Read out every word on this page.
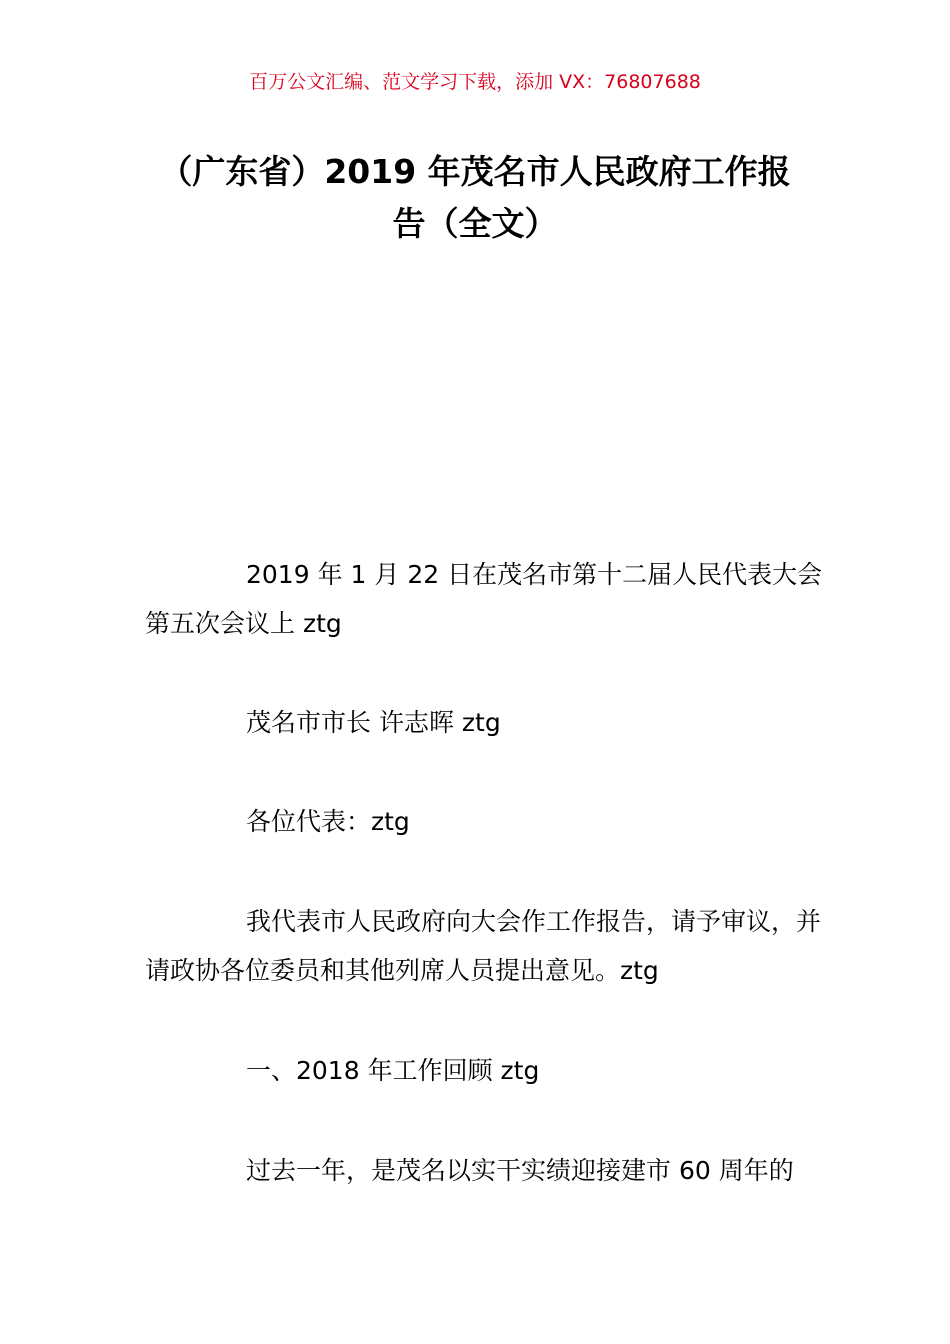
百万公文汇编、范文学习下载，添加 VX：76807688
（广东省）2019 年茂名市人民政府工作报
告（全文）

2019 年 1 月 22 日在茂名市第十二届人民代表大会第五次会议上 ztg

茂名市市长 许志晖 ztg

各位代表：ztg

我代表市人民政府向大会作工作报告，请予审议，并请政协各位委员和其他列席人员提出意见。ztg

一、2018 年工作回顾 ztg

过去一年，是茂名以实干实绩迎接建市 60 周年的
